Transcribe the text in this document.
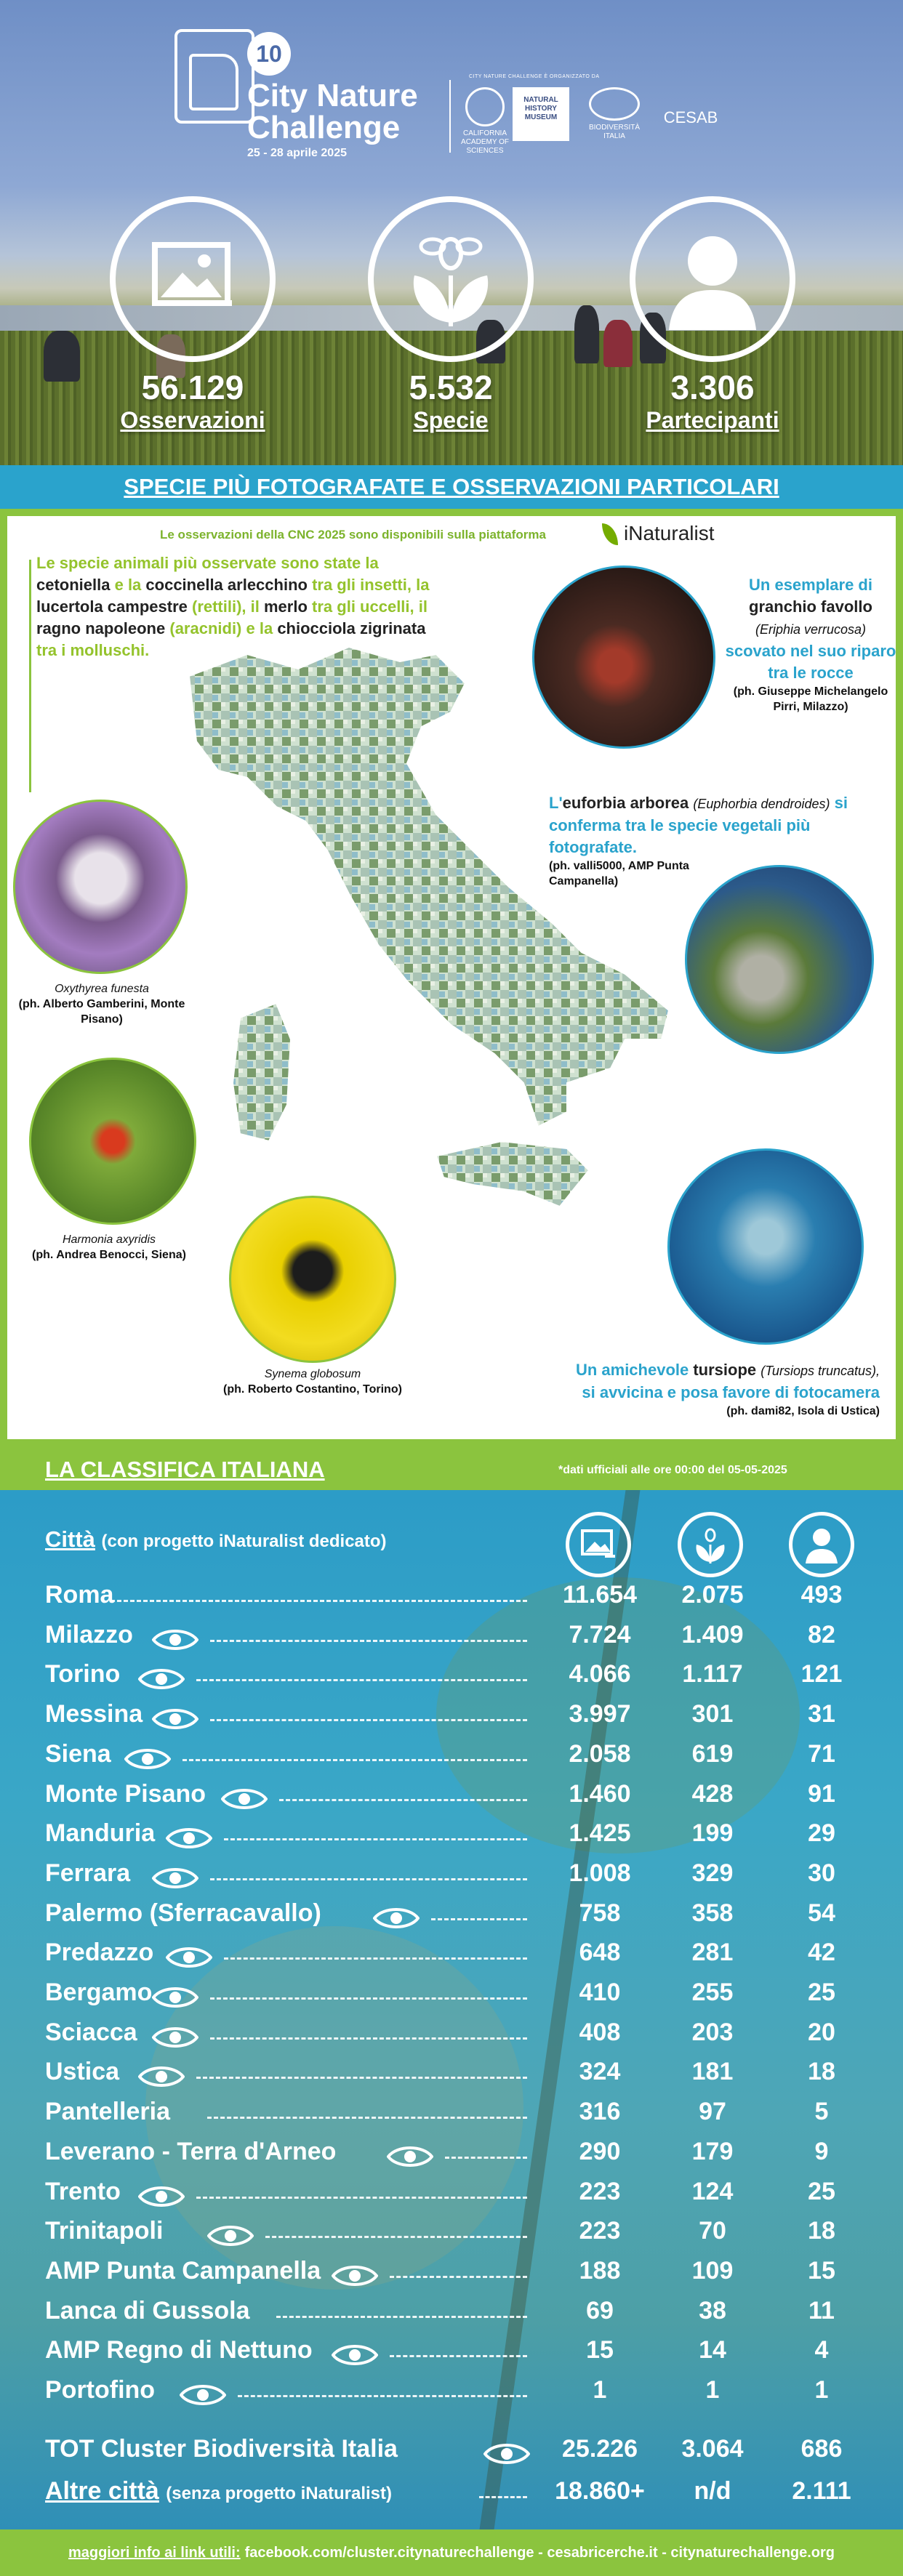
10
City Nature Challenge
25 - 28 aprile 2025
CITY NATURE CHALLENGE È ORGANIZZATO DA
CALIFORNIA ACADEMY OF SCIENCES
NATURAL HISTORY MUSEUM
BIODIVERSITÀ ITALIA
CESAB
56.129
Osservazioni
5.532
Specie
3.306
Partecipanti
SPECIE PIÙ FOTOGRAFATE E OSSERVAZIONI PARTICOLARI
Le osservazioni della CNC 2025 sono disponibili sulla piattaforma	iNaturalist
Le specie animali più osservate sono state la cetoniella e la coccinella arlecchino tra gli insetti, la lucertola campestre (rettili), il merlo tra gli uccelli, il ragno napoleone (aracnidi) e la chiocciola zigrinata tra i molluschi.
Oxythyrea funesta
(ph. Alberto Gamberini, Monte Pisano)
Harmonia axyridis
(ph. Andrea Benocci, Siena)
Synema globosum
(ph. Roberto Costantino, Torino)
Un esemplare di granchio favollo
(Eriphia verrucosa)
scovato nel suo riparo tra le rocce
(ph. Giuseppe Michelangelo Pirri, Milazzo)
L'euforbia arborea (Euphorbia dendroides) si conferma tra le specie vegetali più fotografate.
(ph. valli5000, AMP Punta Campanella)
Un amichevole tursiope (Tursiops truncatus),
si avvicina e posa favore di fotocamera
(ph. dami82, Isola di Ustica)
LA CLASSIFICA ITALIANA	*dati ufficiali alle ore 00:00 del 05-05-2025
Città (con progetto iNaturalist dedicato)
Roma	11.654	2.075	493
Milazzo	7.724	1.409	82
Torino	4.066	1.117	121
Messina	3.997	301	31
Siena	2.058	619	71
Monte Pisano	1.460	428	91
Manduria	1.425	199	29
Ferrara	1.008	329	30
Palermo (Sferracavallo)	758	358	54
Predazzo	648	281	42
Bergamo	410	255	25
Sciacca	408	203	20
Ustica	324	181	18
Pantelleria	316	97	5
Leverano - Terra d'Arneo	290	179	9
Trento	223	124	25
Trinitapoli	223	70	18
AMP Punta Campanella	188	109	15
Lanca di Gussola	69	38	11
AMP Regno di Nettuno	15	14	4
Portofino	1	1	1
TOT Cluster Biodiversità Italia	25.226	3.064	686
Altre città (senza progetto iNaturalist)	18.860+	n/d	2.111
maggiori info ai link utili: facebook.com/cluster.citynaturechallenge - cesabricerche.it - citynaturechallenge.org
